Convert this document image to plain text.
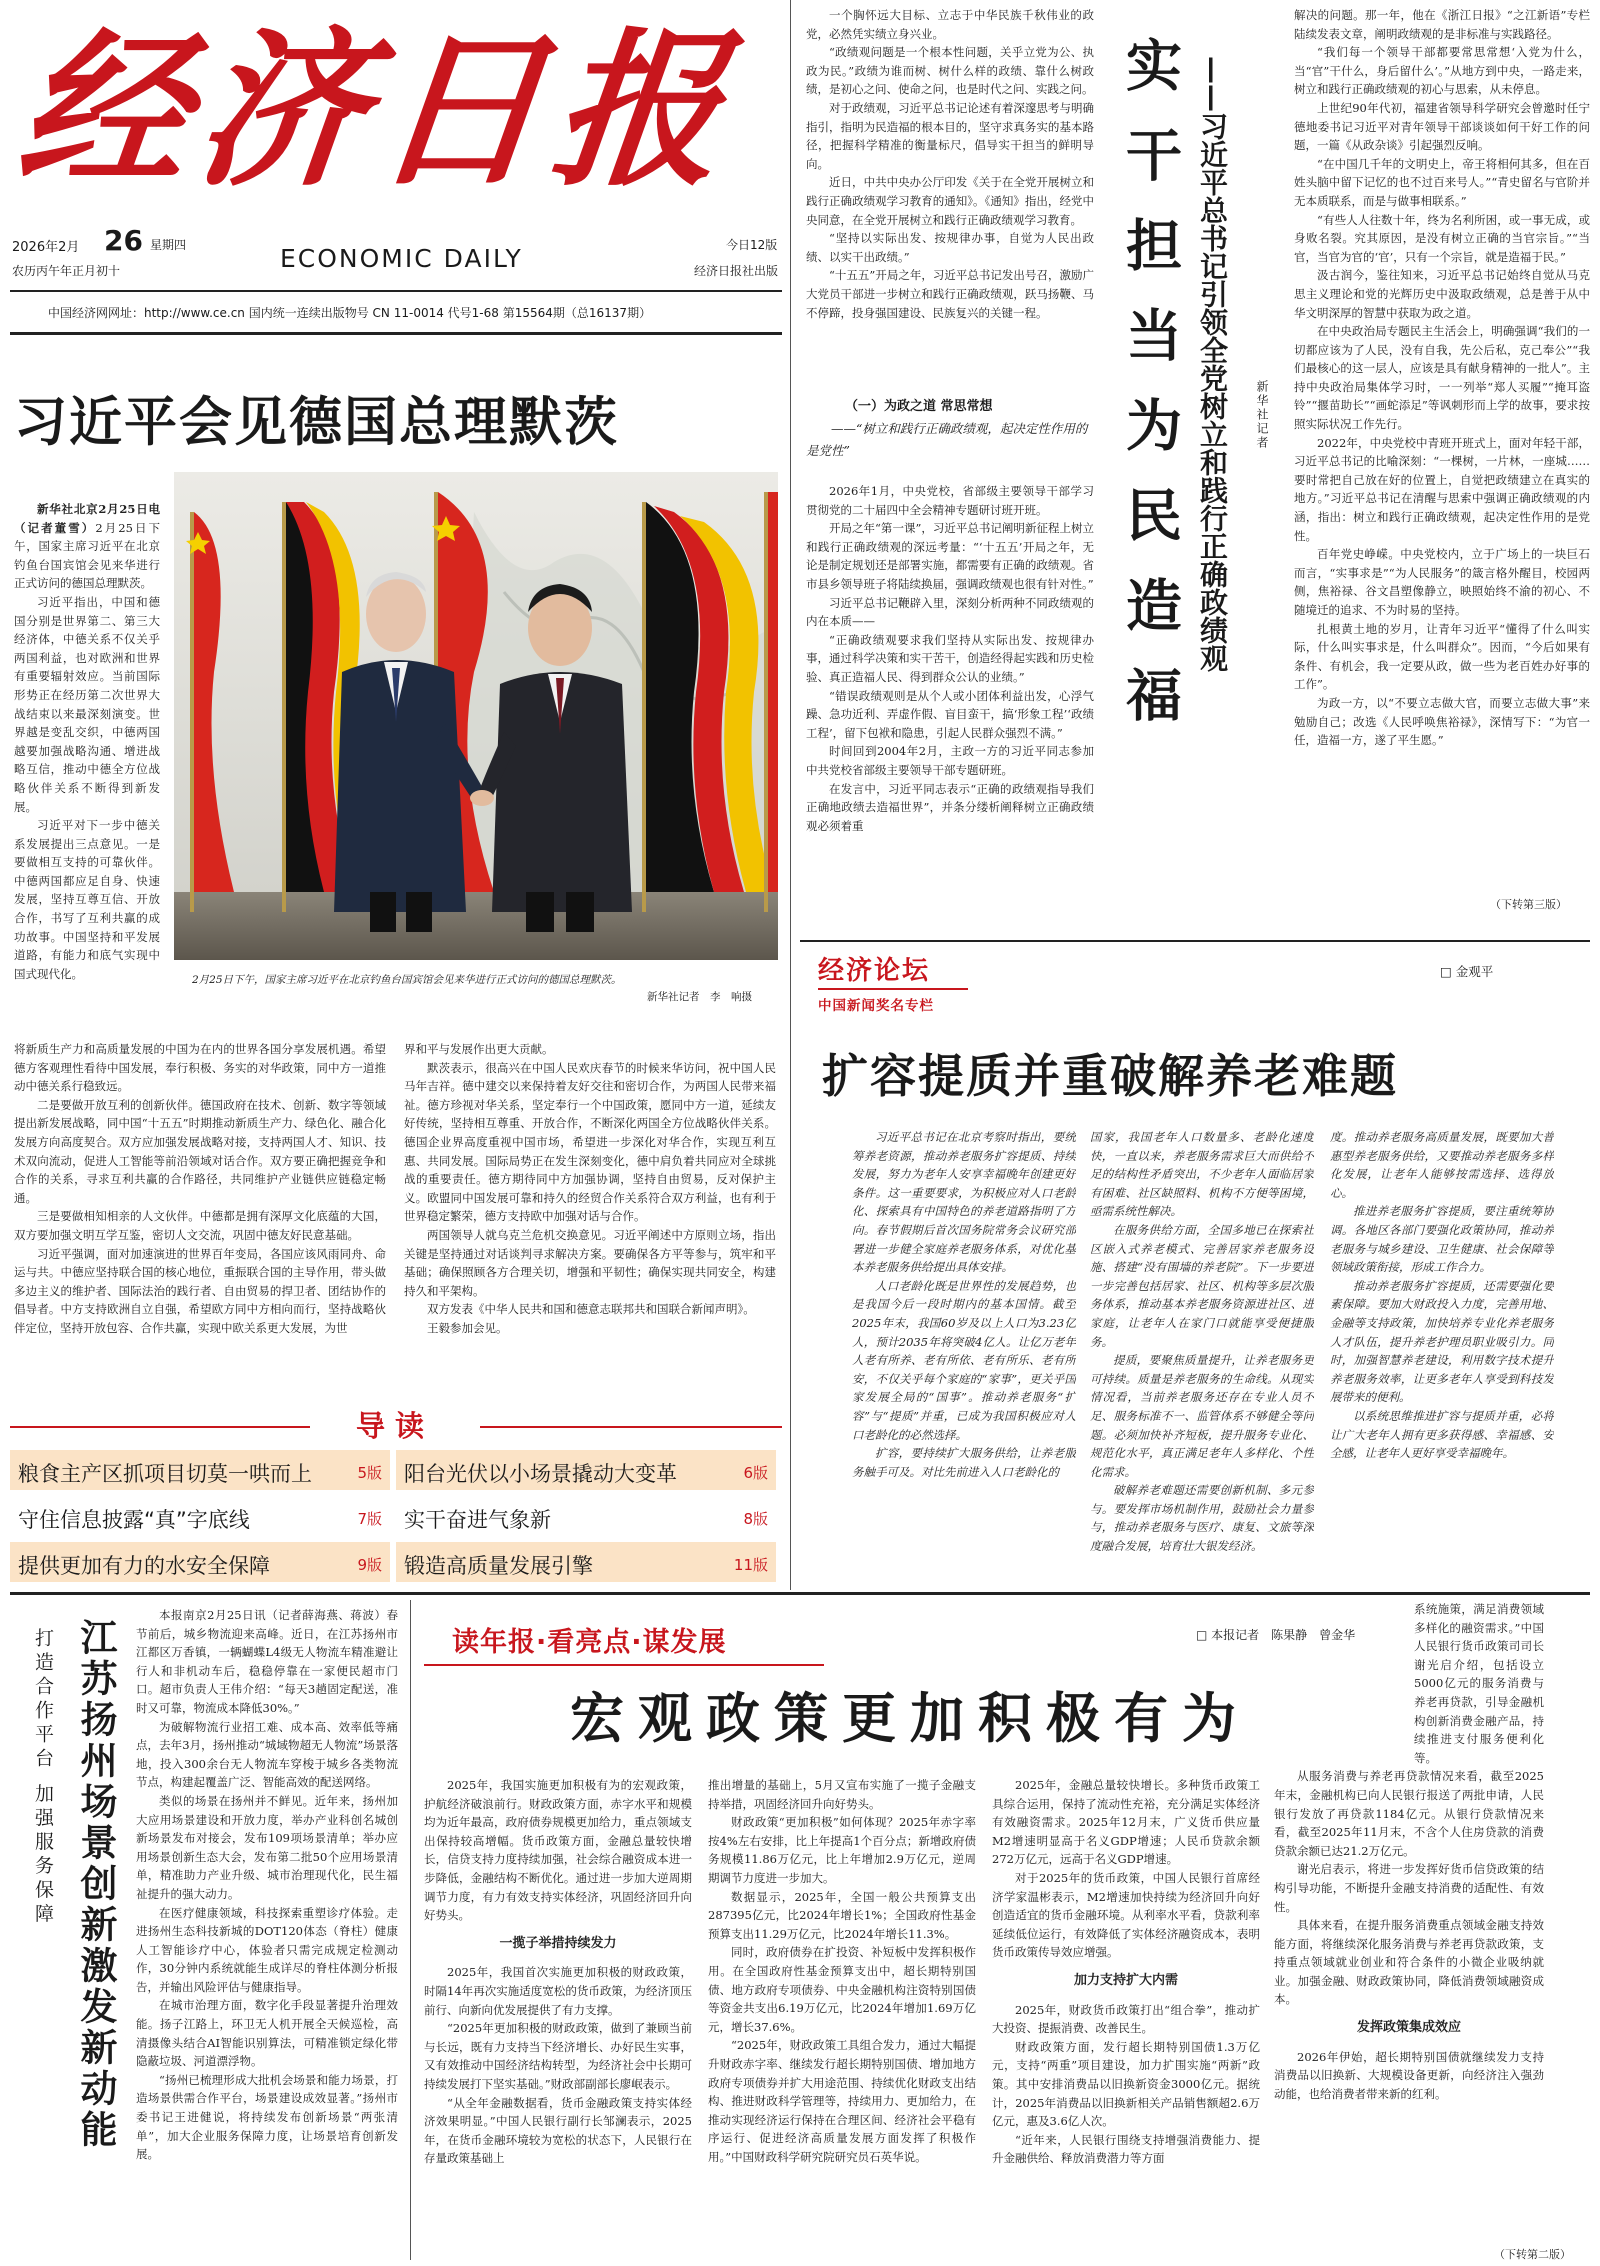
经济日报
2026年2月 26 星期四
农历丙午年正月初十	ECONOMIC DAILY	今日12版
经济日报社出版
中国经济网网址：http://www.ce.cn 国内统一连续出版物号 CN 11-0014 代号1-68 第15564期（总16137期）
习近平会见德国总理默茨

新华社北京2月25日电（记者董雪）2月25日下午，国家主席习近平在北京钓鱼台国宾馆会见来华进行正式访问的德国总理默茨。

习近平指出，中国和德国分别是世界第二、第三大经济体，中德关系不仅关乎两国利益，也对欧洲和世界有重要辐射效应。当前国际形势正在经历第二次世界大战结束以来最深刻演变。世界越是变乱交织，中德两国越要加强战略沟通、增进战略互信，推动中德全方位战略伙伴关系不断得到新发展。

习近平对下一步中德关系发展提出三点意见。一是要做相互支持的可靠伙伴。中德两国都应足自身、快速发展，坚持互尊互信、开放合作，书写了互利共赢的成功故事。中国坚持和平发展道路，有能力和底气实现中国式现代化。	2月25日下午，国家主席习近平在北京钓鱼台国宾馆会见来华进行正式访问的德国总理默茨。
新华社记者　李　响摄

将新质生产力和高质量发展的中国为在内的世界各国分享发展机遇。希望德方客观理性看待中国发展，奉行积极、务实的对华政策，同中方一道推动中德关系行稳致远。

二是要做开放互利的创新伙伴。德国政府在技术、创新、数字等领域提出新发展战略，同中国“十五五”时期推动新质生产力、绿色化、融合化发展方向高度契合。双方应加强发展战略对接，支持两国人才、知识、技术双向流动，促进人工智能等前沿领域对话合作。双方要正确把握竞争和合作的关系，寻求互利共赢的合作路径，共同维护产业链供应链稳定畅通。

三是要做相知相亲的人文伙伴。中德都是拥有深厚文化底蕴的大国，双方要加强文明互学互鉴，密切人文交流，巩固中德友好民意基础。

习近平强调，面对加速演进的世界百年变局，各国应该风雨同舟、命运与共。中德应坚持联合国的核心地位，重振联合国的主导作用，带头做多边主义的维护者、国际法治的践行者、自由贸易的捍卫者、团结协作的倡导者。中方支持欧洲自立自强，希望欧方同中方相向而行，坚持战略伙伴定位，坚持开放包容、合作共赢，实现中欧关系更大发展，为世

界和平与发展作出更大贡献。

默茨表示，很高兴在中国人民欢庆春节的时候来华访问，祝中国人民马年吉祥。德中建交以来保持着友好交往和密切合作，为两国人民带来福祉。德方珍视对华关系，坚定奉行一个中国政策，愿同中方一道，延续友好传统，坚持相互尊重、开放合作，不断深化两国全方位战略伙伴关系。德国企业界高度重视中国市场，希望进一步深化对华合作，实现互利互惠、共同发展。国际局势正在发生深刻变化，德中肩负着共同应对全球挑战的重要责任。德方期待同中方加强协调，坚持自由贸易，反对保护主义。欧盟同中国发展可靠和持久的经贸合作关系符合双方利益，也有利于世界稳定繁荣，德方支持欧中加强对话与合作。

两国领导人就乌克兰危机交换意见。习近平阐述中方原则立场，指出关键是坚持通过对话谈判寻求解决方案。要确保各方平等参与，筑牢和平基础；确保照顾各方合理关切，增强和平韧性；确保实现共同安全，构建持久和平架构。

双方发表《中华人民共和国和德意志联邦共和国联合新闻声明》。

王毅参加会见。

导读
粮食主产区抓项目切莫一哄而上	5版 阳台光伏以小场景撬动大变革	6版
守住信息披露“真”字底线	7版 实干奋进气象新	8版
提供更加有力的水安全保障	9版 锻造高质量发展引擎	11版
实干担当为民造福 ——习近平总书记引领全党树立和践行正确政绩观	新华社记者

一个胸怀远大目标、立志于中华民族千秋伟业的政党，必然凭实绩立身兴业。

“政绩观问题是一个根本性问题，关乎立党为公、执政为民。”政绩为谁而树、树什么样的政绩、靠什么树政绩，是初心之问、使命之问，也是时代之问、实践之问。

对于政绩观，习近平总书记论述有着深邃思考与明确指引，指明为民造福的根本目的，坚守求真务实的基本路径，把握科学精准的衡量标尺，倡导实干担当的鲜明导向。

近日，中共中央办公厅印发《关于在全党开展树立和践行正确政绩观学习教育的通知》。《通知》指出，经党中央同意，在全党开展树立和践行正确政绩观学习教育。

“坚持以实际出发、按规律办事，自觉为人民出政绩、以实干出政绩。”

“十五五”开局之年，习近平总书记发出号召，激励广大党员干部进一步树立和践行正确政绩观，跃马扬鞭、马不停蹄，投身强国建设、民族复兴的关键一程。

（一）为政之道 常思常想
——“树立和践行正确政绩观，起决定性作用的是党性”

2026年1月，中央党校，省部级主要领导干部学习贯彻党的二十届四中全会精神专题研讨班开班。

开局之年“第一课”，习近平总书记阐明新征程上树立和践行正确政绩观的深远考量：“‘十五五’开局之年，无论是制定规划还是部署实施，都需要有正确的政绩观。省市县乡领导班子将陆续换届，强调政绩观也很有针对性。”

习近平总书记鞭辟入里，深刻分析两种不同政绩观的内在本质——

“正确政绩观要求我们坚持从实际出发、按规律办事，通过科学决策和实干苦干，创造经得起实践和历史检验、真正造福人民、得到群众公认的业绩。”

“错误政绩观则是从个人或小团体利益出发，心浮气躁、急功近利、弄虚作假、盲目蛮干，搞‘形象工程’‘政绩工程’，留下包袱和隐患，引起人民群众强烈不满。”

时间回到2004年2月，主政一方的习近平同志参加中共党校省部级主要领导干部专题研班。

在发言中，习近平同志表示“正确的政绩观指导我们正确地政绩去造福世界”，并条分缕析阐释树立正确政绩观必须着重

解决的问题。那一年，他在《浙江日报》“之江新语”专栏陆续发表文章，阐明政绩观的是非标准与实践路径。

“我们每一个领导干部都要常思常想‘入党为什么，当“官”干什么，身后留什么’。”从地方到中央，一路走来，树立和践行正确政绩观的初心与思索，从未停息。

上世纪90年代初，福建省领导科学研究会曾邀时任宁德地委书记习近平对青年领导干部谈谈如何干好工作的问题，一篇《从政杂谈》引起强烈反响。

“在中国几千年的文明史上，帝王将相何其多，但在百姓头脑中留下记忆的也不过百来号人。”“青史留名与官阶并无本质联系，而是与做事相联系。”

“有些人人往数十年，终为名利所困，或一事无成，或身败名裂。究其原因，是没有树立正确的当官宗旨。”“当官，当官为官的‘官’，只有一个宗旨，就是造福于民。”

汲古润今，鉴往知来，习近平总书记始终自觉从马克思主义理论和党的光辉历史中汲取政绩观，总是善于从中华文明深厚的智慧中获取为政之道。

在中央政治局专题民主生活会上，明确强调“我们的一切都应该为了人民，没有自我，先公后私，克己奉公”“我们最核心的这一层人，应该是具有献身精神的一批人”。主持中央政治局集体学习时，一一列举“郑人买履”“掩耳盗铃”“揠苗助长”“画蛇添足”等讽刺形而上学的故事，要求按照实际状况工作先行。

2022年，中央党校中青班开班式上，面对年轻干部，习近平总书记的比喻深刻：“一棵树，一片林，一座城……要时常把自己放在好的位置上，自觉把政绩建立在真实的地方。”习近平总书记在清醒与思索中强调正确政绩观的内涵，指出：树立和践行正确政绩观，起决定性作用的是党性。

百年党史峥嵘。中央党校内，立于广场上的一块巨石而言，“实事求是”“为人民服务”的箴言格外醒目，校园两侧，焦裕禄、谷文昌塑像静立，映照始终不渝的初心、不随境迁的追求、不为时易的坚持。

扎根黄土地的岁月，让青年习近平“懂得了什么叫实际，什么叫实事求是，什么叫群众”。因而，“今后如果有条件、有机会，我一定要从政，做一些为老百姓办好事的工作”。

为政一方，以“不要立志做大官，而要立志做大事”来勉励自己；改选《人民呼唤焦裕禄》，深情写下：“为官一任，造福一方，遂了平生愿。”

（下转第三版）
经济论坛
中国新闻奖名专栏
□ 金观平
扩容提质并重破解养老难题

习近平总书记在北京考察时指出，要统筹养老资源，推动养老服务扩容提质、持续发展，努力为老年人安享幸福晚年创建更好条件。这一重要要求，为积极应对人口老龄化、探索具有中国特色的养老道路指明了方向。春节假期后首次国务院常务会议研究部署进一步健全家庭养老服务体系，对优化基本养老服务供给提出具体安排。

人口老龄化既是世界性的发展趋势，也是我国今后一段时期内的基本国情。截至2025年末，我国60岁及以上人口为3.23亿人，预计2035年将突破4亿人。让亿万老年人老有所养、老有所依、老有所乐、老有所安，不仅关乎每个家庭的“家事”，更关乎国家发展全局的“国事”。推动养老服务“扩容”与“提质”并重，已成为我国积极应对人口老龄化的必然选择。

扩容，要持续扩大服务供给，让养老服务触手可及。对比先前进入人口老龄化的

国家，我国老年人口数量多、老龄化速度快，一直以来，养老服务需求巨大而供给不足的结构性矛盾突出，不少老年人面临居家有困难、社区缺照料、机构不方便等困境，亟需系统性解决。

在服务供给方面，全国多地已在探索社区嵌入式养老模式、完善居家养老服务设施、搭建“没有围墙的养老院”。下一步要进一步完善包括居家、社区、机构等多层次服务体系，推动基本养老服务资源进社区、进家庭，让老年人在家门口就能享受便捷服务。

提质，要聚焦质量提升，让养老服务更可持续。质量是养老服务的生命线。从现实情况看，当前养老服务还存在专业人员不足、服务标准不一、监管体系不够健全等问题。必须加快补齐短板，提升服务专业化、规范化水平，真正满足老年人多样化、个性化需求。

破解养老难题还需要创新机制、多元参与。要发挥市场机制作用，鼓励社会力量参与，推动养老服务与医疗、康复、文旅等深度融合发展，培育壮大银发经济。

度。推动养老服务高质量发展，既要加大普惠型养老服务供给，又要推动养老服务多样化发展，让老年人能够按需选择、选得放心。

推进养老服务扩容提质，要注重统筹协调。各地区各部门要强化政策协同，推动养老服务与城乡建设、卫生健康、社会保障等领域政策衔接，形成工作合力。

推动养老服务扩容提质，还需要强化要素保障。要加大财政投入力度，完善用地、金融等支持政策，加快培养专业化养老服务人才队伍，提升养老护理员职业吸引力。同时，加强智慧养老建设，利用数字技术提升养老服务效率，让更多老年人享受到科技发展带来的便利。

以系统思维推进扩容与提质并重，必将让广大老年人拥有更多获得感、幸福感、安全感，让老年人更好享受幸福晚年。

江苏扬州场景创新激发新动能
打造合作平台 加强服务保障

本报南京2月25日讯（记者薛海燕、蒋波）春节前后，城乡物流迎来高峰。近日，在江苏扬州市江都区万香镇，一辆蝴蝶L4级无人物流车精准避让行人和非机动车后，稳稳停靠在一家便民超市门口。超市负责人王伟介绍：“每天3趟固定配送，准时又可靠，物流成本降低30%。”

为破解物流行业招工难、成本高、效率低等痛点，去年3月，扬州推动“城域物超无人物流”场景落地，投入300余台无人物流车穿梭于城乡各类物流节点，构建起覆盖广泛、智能高效的配送网络。

类似的场景在扬州并不鲜见。近年来，扬州加大应用场景建设和开放力度，举办产业科创名城创新场景发布对接会，发布109项场景清单；举办应用场景创新生态大会，发布第二批50个应用场景清单，精准助力产业升级、城市治理现代化，民生福祉提升的强大动力。

在医疗健康领域，科技探索重塑诊疗体验。走进扬州生态科技新城的DOT120体态（脊柱）健康人工智能诊疗中心，体验者只需完成规定检测动作，30分钟内系统就能生成详尽的脊柱体测分析报告，并输出风险评估与健康指导。

在城市治理方面，数字化手段显著提升治理效能。扬子江路上，环卫无人机开展全天候巡检，高清摄像头结合AI智能识别算法，可精准锁定绿化带隐蔽垃圾、河道漂浮物。

“扬州已梳理形成大批机会场景和能力场景，打造场景供需合作平台，场景建设成效显著。”扬州市委书记王进健说，将持续发布创新场景“两张清单”，加大企业服务保障力度，让场景培育创新发展。

读年报·看亮点·谋发展	□ 本报记者　陈果静　曾金华
宏观政策更加积极有为

2025年，我国实施更加积极有为的宏观政策，护航经济破浪前行。财政政策方面，赤字水平和规模均为近年最高，政府债券规模更加给力，重点领域支出保持较高增幅。货币政策方面，金融总量较快增长，信贷支持力度持续加强，社会综合融资成本进一步降低，金融结构不断优化。通过进一步加大逆周期调节力度，有力有效支持实体经济，巩固经济回升向好势头。

一揽子举措持续发力

2025年，我国首次实施更加积极的财政政策，时隔14年再次实施适度宽松的货币政策，为经济顶压前行、向新向优发展提供了有力支撑。

“2025年更加积极的财政政策，做到了兼顾当前与长远，既有力支持当下经济增长、办好民生实事，又有效推动中国经济结构转型，为经济社会中长期可持续发展打下坚实基础。”财政部副部长廖岷表示。

“从全年金融数据看，货币金融政策支持实体经济效果明显。”中国人民银行副行长邹澜表示，2025年，在货币金融环境较为宽松的状态下，人民银行在存量政策基础上

推出增量的基础上，5月又宣布实施了一揽子金融支持举措，巩固经济回升向好势头。

财政政策“更加积极”如何体现？2025年赤字率按4%左右安排，比上年提高1个百分点；新增政府债务规模11.86万亿元，比上年增加2.9万亿元，逆周期调节力度进一步加大。

数据显示，2025年，全国一般公共预算支出287395亿元，比2024年增长1%；全国政府性基金预算支出11.29万亿元，比2024年增长11.3%。

同时，政府债券在扩投资、补短板中发挥积极作用。在全国政府性基金预算支出中，超长期特别国债、地方政府专项债券、中央金融机构注资特别国债等资金共支出6.19万亿元，比2024年增加1.69万亿元，增长37.6%。

“2025年，财政政策工具组合发力，通过大幅提升财政赤字率、继续发行超长期特别国债、增加地方政府专项债券并扩大用途范围、持续优化财政支出结构、推进财政科学管理等，持续用力、更加给力，在推动实现经济运行保持在合理区间、经济社会平稳有序运行、促进经济高质量发展方面发挥了积极作用。”中国财政科学研究院研究员石英华说。

2025年，金融总量较快增长。多种货币政策工具综合运用，保持了流动性充裕，充分满足实体经济有效融资需求。2025年12月末，广义货币供应量M2增速明显高于名义GDP增速；人民币贷款余额272万亿元，远高于名义GDP增速。

对于2025年的货币政策，中国人民银行首席经济学家温彬表示，M2增速加快持续为经济回升向好创造适宜的货币金融环境。从利率水平看，贷款利率延续低位运行，有效降低了实体经济融资成本，表明货币政策传导效应增强。

加力支持扩大内需

2025年，财政货币政策打出“组合拳”，推动扩大投资、提振消费、改善民生。

财政政策方面，发行超长期特别国债1.3万亿元，支持“两重”项目建设，加力扩围实施“两新”政策。其中安排消费品以旧换新资金3000亿元。据统计，2025年消费品以旧换新相关产品销售额超2.6万亿元，惠及3.6亿人次。

“近年来，人民银行围绕支持增强消费能力、提升金融供给、释放消费潜力等方面

系统施策，满足消费领域多样化的融资需求。”中国人民银行货币政策司司长谢光启介绍，包括设立5000亿元的服务消费与养老再贷款，引导金融机构创新消费金融产品，持续推进支付服务便利化等。

从服务消费与养老再贷款情况来看，截至2025年末，金融机构已向人民银行报送了两批申请，人民银行发放了再贷款1184亿元。从银行贷款情况来看，截至2025年11月末，不含个人住房贷款的消费贷款余额已达21.2万亿元。

谢光启表示，将进一步发挥好货币信贷政策的结构引导功能，不断提升金融支持消费的适配性、有效性。

具体来看，在提升服务消费重点领域金融支持效能方面，将继续深化服务消费与养老再贷款政策，支持重点领域就业创业和符合条件的小微企业吸纳就业。加强金融、财政政策协同，降低消费领域融资成本。

发挥政策集成效应

2026年伊始，超长期特别国债就继续发力支持消费品以旧换新、大规模设备更新，向经济注入强劲动能，也给消费者带来新的红利。

（下转第二版）
